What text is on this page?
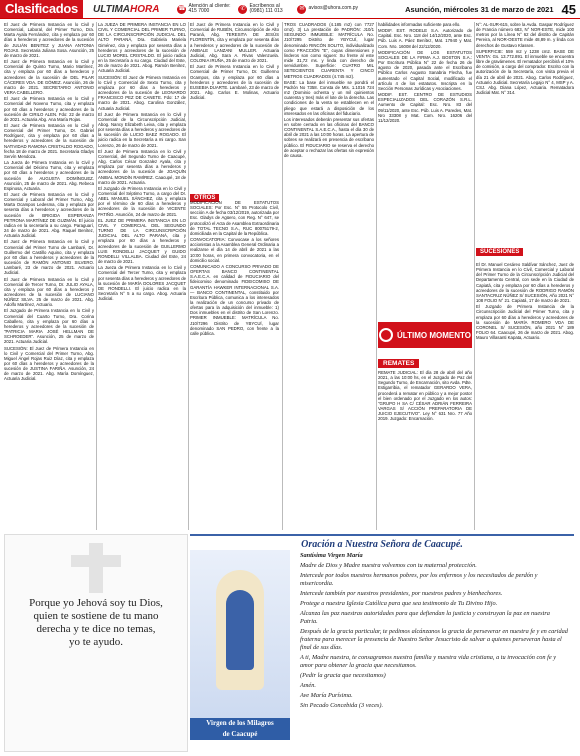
Clasificados	ULTIMAHORA	☎ Atención al cliente: 415 7000	✆ Escríbenos al (0981) 111 013	✉ avisos@uhora.com.py	Asunción, miércoles 31 de marzo de 2021 45

El Juez de Primera Instancia en lo Civil y Comercial, Laboral, del Primer Turno, Dra. Marta Ayala Fernández, cita y emplaza por 60 días a herederos y acreedores de la sucesión de JULIÁN BENITEZ y JUANA ANTONIA ROJAS. Secretaria Juliana Sosa. Asunción, 25 de marzo de 2021.

El Juez de Primera Instancia en lo Civil y Comercial de Quinto Turno, Mario Martínez, cita y emplaza por 60 días a herederos y acreedores de la sucesión de DEL PILAR CÁCERES VDA. DE GÓMEZ. Asunción, 26 de marzo de 2021. SECRETARIO ANTONIO VERA CABELLERO.

El Juez de Primera Instancia en lo Civil y Comercial del Noveno Turno, cita y emplaza por 60 días a herederos y acreedores de la sucesión de CIRILO ALEN. Fdo: 22 de marzo de 2021. Actuaria Abg. Ana María Rojas.

El Juez de Primera Instancia en lo Civil y Comercial del Primer Turno, Dr. Gabriel Rodríguez, cita y emplaza por 60 días a herederos y acreedores de la sucesión de NATIVIDAD RAMONA CRISTALDO ROGADO, fecha 18 de marzo de 2021. Secretaria Gladys Servín Mendoza.

La Jueza de Primera Instancia en lo Civil y Comercial del Décimo Turno, cita y emplaza por 60 días a herederos y acreedores de la sucesión de AUGUSTA DOMÍNGUEZ. Asunción, 25 de marzo de 2021. Abg. Rebeca Espinosa, Actuaria.

El Juez de Primera Instancia en lo Civil y Comercial y Laboral del Primer Turno, Abg. Marta Ocampos Ledesma, cita y emplaza por sesenta días a herederos y acreedores de la sucesión de BRIGIDA ESPERANZA PETRONA MARTÍNEZ DE GUZMÁN. El juicio radica en la secretaría a su cargo. Paraguarí, 24 de marzo de 2021. Abg. Raquel Benítez, Actuaria Judicial.

El Juez de Primera Instancia en lo Civil y Comercial del Primer Turno de Lambaré, Dr. Guillermo del Castillo Aquino, cita y emplaza por 60 días a herederos y acreedores de la sucesión de RAMÓN ANTONIO SILVERO. Lambaré, 23 de marzo de 2021. Actuario Judicial.

El Juez de Primera Instancia en lo Civil y Comercial de Tercer Turno, Dr. JULIO AYALA, cita y emplaza por 60 días a herederos y acreedores de la sucesión de LUCIANO NÚÑEZ SILVA. 25 de marzo de 2021. Abg. Adolfo Martínez, Actuario.

El Juzgado de Primera Instancia en lo Civil y Comercial del Cuarto Turno, Dra. Corina Caballero, cita y emplaza por 60 días a herederos y acreedores de la sucesión de "PATRICIA MARIA JOSÉ HELLMAN DE SCHROEDER". Asunción, 25 de marzo de 2021. Actuaria Judicial.

SUCESIÓN: El Juez de Primera Instancia en lo Civil y Comercial del Primer Turno, Abg. Miguel Ángel Rojas Ruiz Díaz, cita y emplaza por 60 días a herederos y acreedores de la sucesión de JUSTINA FARIÑA. Asunción, 24 de marzo de 2021. Abg. María Domínguez, Actuaria Judicial.

La JUEZA DE PRIMERA INSTANCIA EN LO CIVIL Y COMERCIAL DEL PRIMER TURNO, DE LA CIRCUNSCRIPCIÓN JUDICIAL DEL ALTO PARANÁ, Dra. Gabriela Mariela Giménez, cita y emplaza por sesenta días a herederos y acreedores de la sucesión de LUCIO MOREL CRISTALDO. El juicio radica en la Secretaría a su cargo. Ciudad del Este, 26 de marzo de 2021. Abog. Ramón Benítez, Actuaria Judicial.

SUCESIÓN: El Juez de Primera Instancia en lo Civil y Comercial de Sexto Turno, cita y emplaza por 60 días a herederos y acreedores de la sucesión de LEONARDO FRANCISCO PEZ DE CANETE. Fdo: 17 de marzo de 2021. Abog. Carolina González, Actuaria Judicial.

El Juez de Primera Instancia en lo Civil y Comercial de la Circunscripción Judicial, Abog. Nancy Elizabeth Leiva, cita y emplaza por sesenta días a herederos y acreedores de la sucesión de LUCIO BAEZ ROGADO. El juicio radica en la Secretaría a mi cargo. San Lorenzo, 26 de marzo de 2021.

El Juez de Primera Instancia en lo Civil y Comercial, del Segundo Turno de Caacupé, Abg. Carlos César Gonzalez Ayala, cita y emplaza por sesenta días a herederos y acreedores de la sucesión de JOAQUÍN ANIBAL MONDÍN RAMÍREZ. Caacupé, 18 de marzo de 2021. Actuaria.

El Juzgado de Primera Instancia en lo Civil y Comercial del Séptimo Turno, a cargo del Dr. ABEL MANUEL SÁNCHEZ, cita y emplaza por el término de 60 días a herederos y acreedores de la sucesión de VICENTE PATIÑO. Asunción, 24 de marzo de 2021.

EL JUEZ DE PRIMERA INSTANCIA EN LO CIVIL Y COMERCIAL DEL SEGUNDO TURNO DE LA CIRCUNSCRIPCIÓN JUDICIAL DEL ALTO PARANÁ, cita y emplaza por 60 días a herederos y acreedores de la sucesión de GUILLERMO LUIS RONDELLI JACQUET y GUIDO RONDELLI VILLALBA. Ciudad del Este, 24 de marzo de 2021.

La Jueza de Primera Instancia en lo Civil y Comercial del Tercer Turno, cita y emplaza por sesenta días a herederos y acreedores de la sucesión de MARÍA DOLORES JACQUET DE RONDELLI. El juicio radica en la Secretaría N° 5 a su cargo. Abog. Actuaria Judicial.

El Juez de Primera Instancia en lo Civil y Comercial de RUBÉN, Circunscripción de Alto Paraná, Abg. TERESITA DE JESÚS FLORENTÍN, cita y emplaza por sesenta días a herederos y acreedores de la sucesión de ANIBALE LANZANI MULLER. Actuaria Judicial, Abg. Sara A. Rivas Valenzuela. COLONIA IRUÑA, 25 de marzo de 2021.

El Juez de Primera Instancia en lo Civil y Comercial de Primer Turno, Dr. Guillermo Ocampos, cita y emplaza por 60 días a herederos y acreedores de la sucesión de EUSEBIA DUARTE. Lambaré, 23 de marzo de 2021. Abg. Carlos E. Molinas, Actuario Judicial.

OTROS

MODIFICACIÓN DE ESTATUTOS SOCIALES: Por Esc. N° 55 Protocolo Civil, sección A de fecha 03/12/2019, autorizada por Esc. Gladys de Agüero, con Reg. N° 647, se protocolizó el Acta de Asamblea Extraordinaria de TOTAL TECNO S.A., RUC 80075179-2, domiciliada en la Capital de la República.

CONVOCATORIA: Convocase a los señores accionistas a la Asamblea General Ordinaria a realizarse el día 14 de abril de 2021 a las 10:00 horas, en primera convocatoria, en el domicilio social.

COMUNICADO A CONCURSO PRIVADO DE OFERTAS BANCO CONTINENTAL S.A.E.C.A. en calidad de FIDUCIARIO del fideicomiso denominado FIDEICOMISO DE GARANTÍA HAWKER INTERNACIONAL S.A. — BANCO CONTINENTAL, constituido por Escritura Pública, comunica a los interesados la realización de un concurso privado de ofertas para la adquisición del inmueble: 1) Dos inmuebles en el distrito de San Lorenzo. PRIMER INMUEBLE: MATRÍCULA No. J10/7296 Distrito de YBYCUÍ, lugar denominado SAN PEDRO, con frente a la calle pública.

TROS CUADRADOS (4.185 m2) con 7727 cm2). 3) La prestación de PADRÓN: J10/1 SEGUNDO INMUEBLE: MATRÍCULA No. J10/7295 Distrito de YBYCUÍ, lugar denominado RINCÓN SOLITO, individualizado como FRACCIÓN "E", cuyas dimensiones y linderos son como siguen: Su frente al este mide 31,72 ms. y linda con derecho de servidumbre. Superficie: CUATRO MIL SETECIENTOS CUARENTA Y CINCO METROS CUADRADOS (4.745 m2).

BASE: La base del inmueble se pondrá el Padrón No 7358. Consta de Mts. 1.1016 724 m2 (Dominio ochenta y un mil quinientos cuarenta y tres) más el lote de la derecha. Las condiciones de la venta se establecen en el pliego que estará a disposición de los interesados en las oficinas del fiduciario.

Los interesados deberán presentar sus ofertas en sobre cerrado en las oficinas del BANCO CONTINENTAL S.A.E.C.A., hasta el día 30 de abril de 2021 a las 10:00 horas. La apertura de sobres se realizará en presencia de escribano público. El FIDUCIARIO se reserva el derecho de aceptar o rechazar las ofertas sin expresión de causa.

habilidades informadas suficiente para ello.

MODIF. EST. RODELE S.A. Autorizado de Capital. Esc. Nro. 118 del 14/12/2020, ante Esc. Púb. Luis A. Páez Benítez, Mat. 17940 y Mat. Com. Nro. 16008 del 22/12/2020.

MODIFICACIÓN DE LOS ESTATUTOS SOCIALES DE LA FIRMA A.J. BOSTON S.A.: Por Escritura Pública N° 22 de fecha 26 de agosto de 2020, pasada ante el Escribano Público Carlos Augusto Sanabria Flecha, fue aumentado el Capital Social, modificado el artículo 4 de los estatutos. Inscripta en la Sección Personas Jurídicas y Asociaciones.

MODIF. EST. CENTRO DE ESTUDIOS ESPECIALIZADOS DEL CORAZÓN S.R.L. Aumento de Capital: Esc. Nro. 83 del 09/11/2020, ante Esc. Púb. Luis A. Paredes, Mat. Nro 33308 y Mat. Com. Nro. 16206 del 11/12/2020.

ÚLTIMO MOMENTO
REMATES

REMATE JUDICIAL: El día 28 de abril del año 2021, a las 10:00 hs, en el Juzgado de Paz del Segundo Turno, de Encarnación, sito Avda. Pdte. Estigarribia, el rematador GERARDO VERA, procederá a rematar en público y a mejor postor el bien ordenado por el Juzgado en los autos: "GRUPO H SA C/ CÉSAR ADRIÁN FERREIRA VARGAS S/ ACCIÓN PREPARATORIA DE JUICIO EJECUTIVO". Ley N° 631 Nro. 77 Año 2019. Juzgado: Encarnación.

N°: AL-SUR-615, sobre la Avda. Gaspar Rodríguez de Francia número 683, N° NOR-ESTE, mide 100 metros por la Línea N° 62 del distrito de Capitán Pereira, al NOR-OESTE mide 48,89 m. y linda con derechos de Gustavo Klassen.

SUPERFICIE: 559 m2 y 1238 cm2. BASE DE VENTA: Gs. 13.772.891. El inmueble se encuentra libre de gravámenes. El rematador percibirá el 10% de comisión, a cargo del comprador. Escrito con la autorización de la Secretaría, con visita previa el día 21 de abril de 2021. Abog. Carlos Rodríguez, Actuario Judicial. Secretaría Legajo N° 4, MSP y A. CSJ. Abg. Diana López, Actuaria. Rematadora Judicial Mat. N° 314.

SUCESIONES

El Dr. Manuel Cesáreo Saldívar Sánchez, Juez de Primera Instancia en lo Civil, Comercial y Laboral del Primer Turno de la Circunscripción Judicial del Departamento Central, con sede en la Ciudad de Capiatá, cita y emplaza por 60 días a herederos y acreedores de la sucesión de RODRIGO RAMÓN SANTACRUZ NÚÑEZ S/ SUCESIÓN, Año 2021 N° 108 FOLIO N° 21. Capiatá, 17 de marzo de 2021.

El Juzgado de Primera Instancia de la Circunscripción Judicial del Primer Turno, cita y emplaza por 60 días a herederos y acreedores de la sucesión de MARÍA ROMERO VDA DE CORONEL S/ SUCESIÓN, año 2021 N° 189 FOLIO 64. Caacupé, 26 de marzo de 2021. Abog. Mauro Villasanti Kapata, Actuario.

Porque yo Jehová soy tu Dios,
quien te sostiene de tu mano
derecha y te dice no temas,
yo te ayudo.
Oración a Nuestra Señora de Caacupé.
Virgen de los Milagros
de Caacupé

Santísima Virgen María

Madre de Dios y Madre nuestra volvemos con tu maternal protección.

Intercede por todos nuestros hermanos pobres, por los enfermos y los necesitados de perdón y misericordia.

Intercede también por nuestros presidentes, por nuestros padres y bienhechores.

Protege a nuestra Iglesia Católica para que sea testimonio de Tu Divino Hijo.

Alcanza las paz nuestras autoridades para que defiendan la justicia y construyan la paz en nuestra Patria.

Después de la gracia particular, te pedimos alcánzanos la gracia de perseverar en nuestra fe y en caridad fraterna para merecer la presencia de Nuestro Señor Jesucristo de salvar a quienes perseveran hasta el final de sus días.

A ti, Madre nuestra, te consagramos nuestra familia y nuestra vida cristiana, a tu invocación con fe y amor para obtener la gracia que necesitamos.

(Pedir la gracia que necesitamos)

Amén.

Ave María Purísima.

Sin Pecado Concebida (3 veces).
